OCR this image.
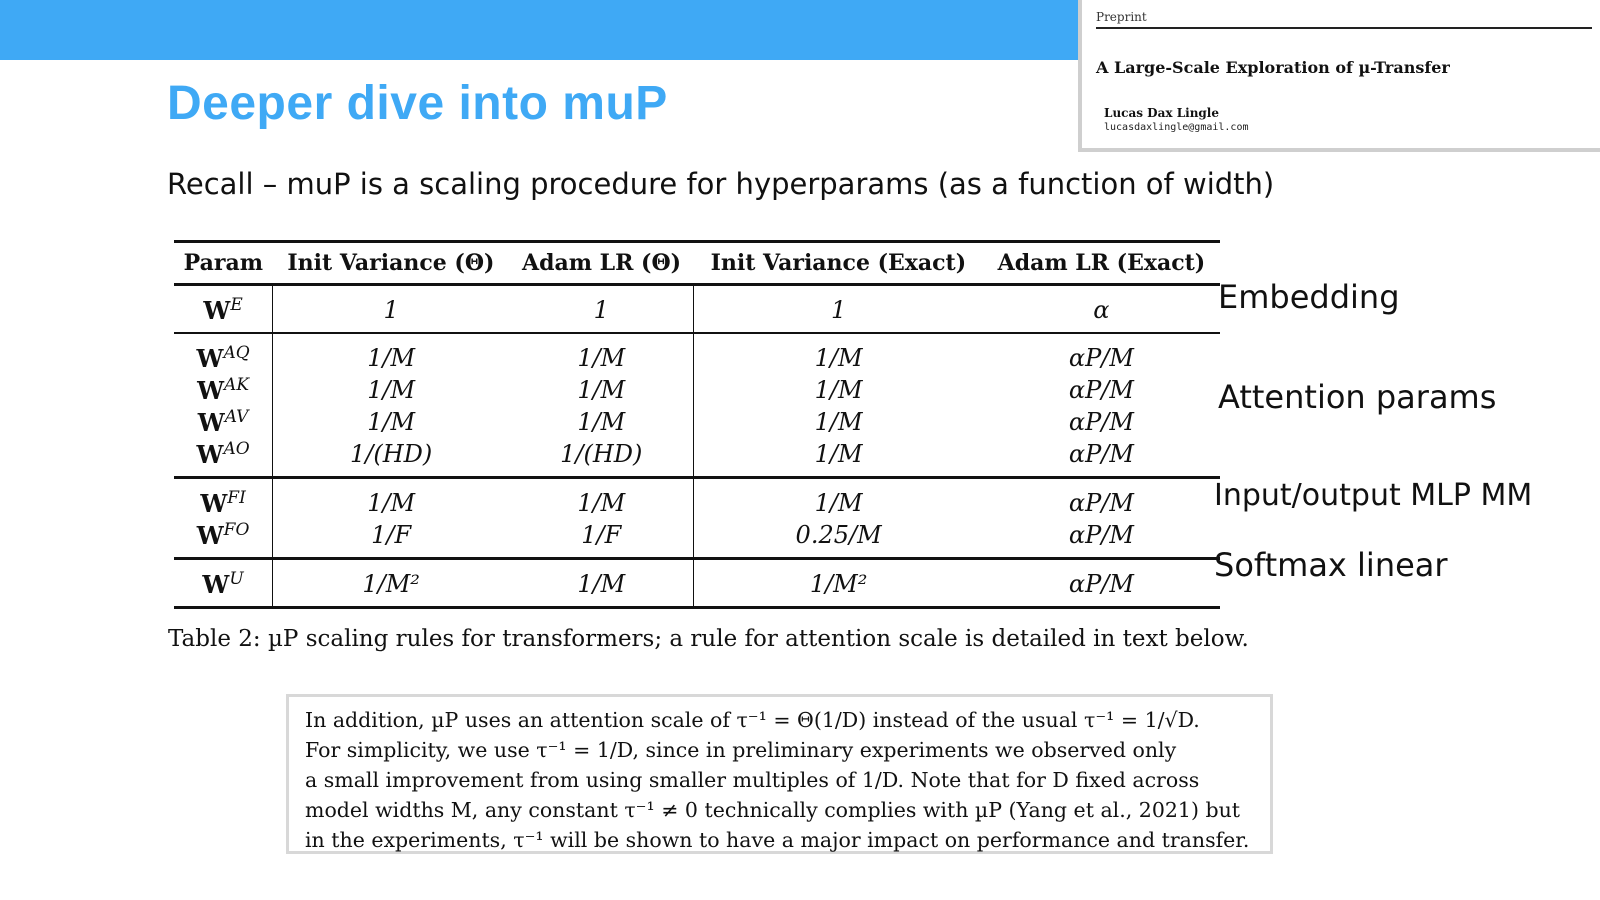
Preprint
A Large-Scale Exploration of µ-Transfer
Lucas Dax Lingle
lucasdaxlingle@gmail.com
Deeper dive into muP
Recall – muP is a scaling procedure for hyperparams (as a function of width)
Param	Init Variance (Θ)	Adam LR (Θ)	Init Variance (Exact)	Adam LR (Exact)
$W^E$	1	1	1	α
$W^{AQ}$	1/M	1/M	1/M	αP/M
$W^{AK}$	1/M	1/M	1/M	αP/M
$W^{AV}$	1/M	1/M	1/M	αP/M
$W^{AO}$	1/(HD)	1/(HD)	1/M	αP/M
$W^{FI}$	1/M	1/M	1/M	αP/M
$W^{FO}$	1/F	1/F	0.25/M	αP/M
$W^U$	1/M²	1/M	1/M²	αP/M
Embedding
Attention params
Input/output MLP MM
Softmax linear
Table 2: µP scaling rules for transformers; a rule for attention scale is detailed in text below.

In addition, µP uses an attention scale of τ⁻¹ = Θ(1/D) instead of the usual τ⁻¹ = 1/√D.

For simplicity, we use τ⁻¹ = 1/D, since in preliminary experiments we observed only

a small improvement from using smaller multiples of 1/D. Note that for D fixed across

model widths M, any constant τ⁻¹ ≠ 0 technically complies with µP (Yang et al., 2021) but

in the experiments, τ⁻¹ will be shown to have a major impact on performance and transfer.
